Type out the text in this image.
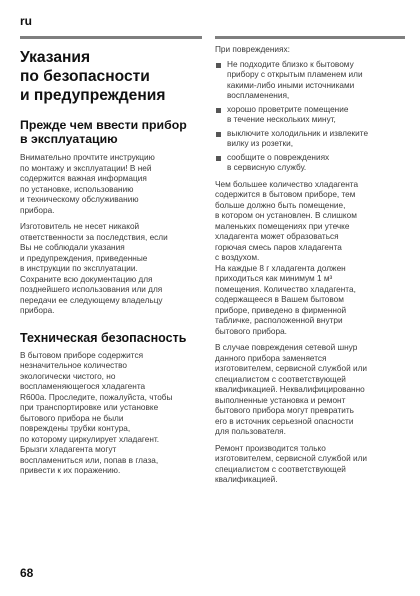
ru
Указания
по безопасности
и предупреждения
Прежде чем ввести прибор
в эксплуатацию
Внимательно прочтите инструкцию
по монтажу и эксплуатации! В ней
содержится важная информация
по установке, использованию
и техническому обслуживанию
прибора.
Изготовитель не несет никакой
ответственности за последствия, если
Вы не соблюдали указания
и предупреждения, приведенные
в инструкции по эксплуатации.
Сохраните всю документацию для
позднейшего использования или для
передачи ее следующему владельцу
прибора.
Техническая безопасность
В бытовом приборе содержится
незначительное количество
экологически чистого, но
воспламеняющегося хладагента
R600a. Проследите, пожалуйста, чтобы
при транспортировке или установке
бытового прибора не были
повреждены трубки контура,
по которому циркулирует хладагент.
Брызги хладагента могут
воспламениться или, попав в глаза,
привести к их поражению.
При повреждениях:
Не подходите близко к бытовому
прибору с открытым пламенем или
какими-либо иными источниками
воспламенения,
хорошо проветрите помещение
в течение нескольких минут,
выключите холодильник и извлеките
вилку из розетки,
сообщите о повреждениях
в сервисную службу.
Чем большее количество хладагента
содержится в бытовом приборе, тем
больше должно быть помещение,
в котором он установлен. В слишком
маленьких помещениях при утечке
хладагента может образоваться
горючая смесь паров хладагента
с воздухом.
На каждые 8 г хладагента должен
приходиться как минимум 1 м³
помещения. Количество хладагента,
содержащееся в Вашем бытовом
приборе, приведено в фирменной
табличке, расположенной внутри
бытового прибора.
В случае повреждения сетевой шнур
данного прибора заменяется
изготовителем, сервисной службой или
специалистом с соответствующей
квалификацией. Неквалифицированно
выполненные установка и ремонт
бытового прибора могут превратить
его в источник серьезной опасности
для пользователя.
Ремонт производится только
изготовителем, сервисной службой или
специалистом с соответствующей
квалификацией.
68
